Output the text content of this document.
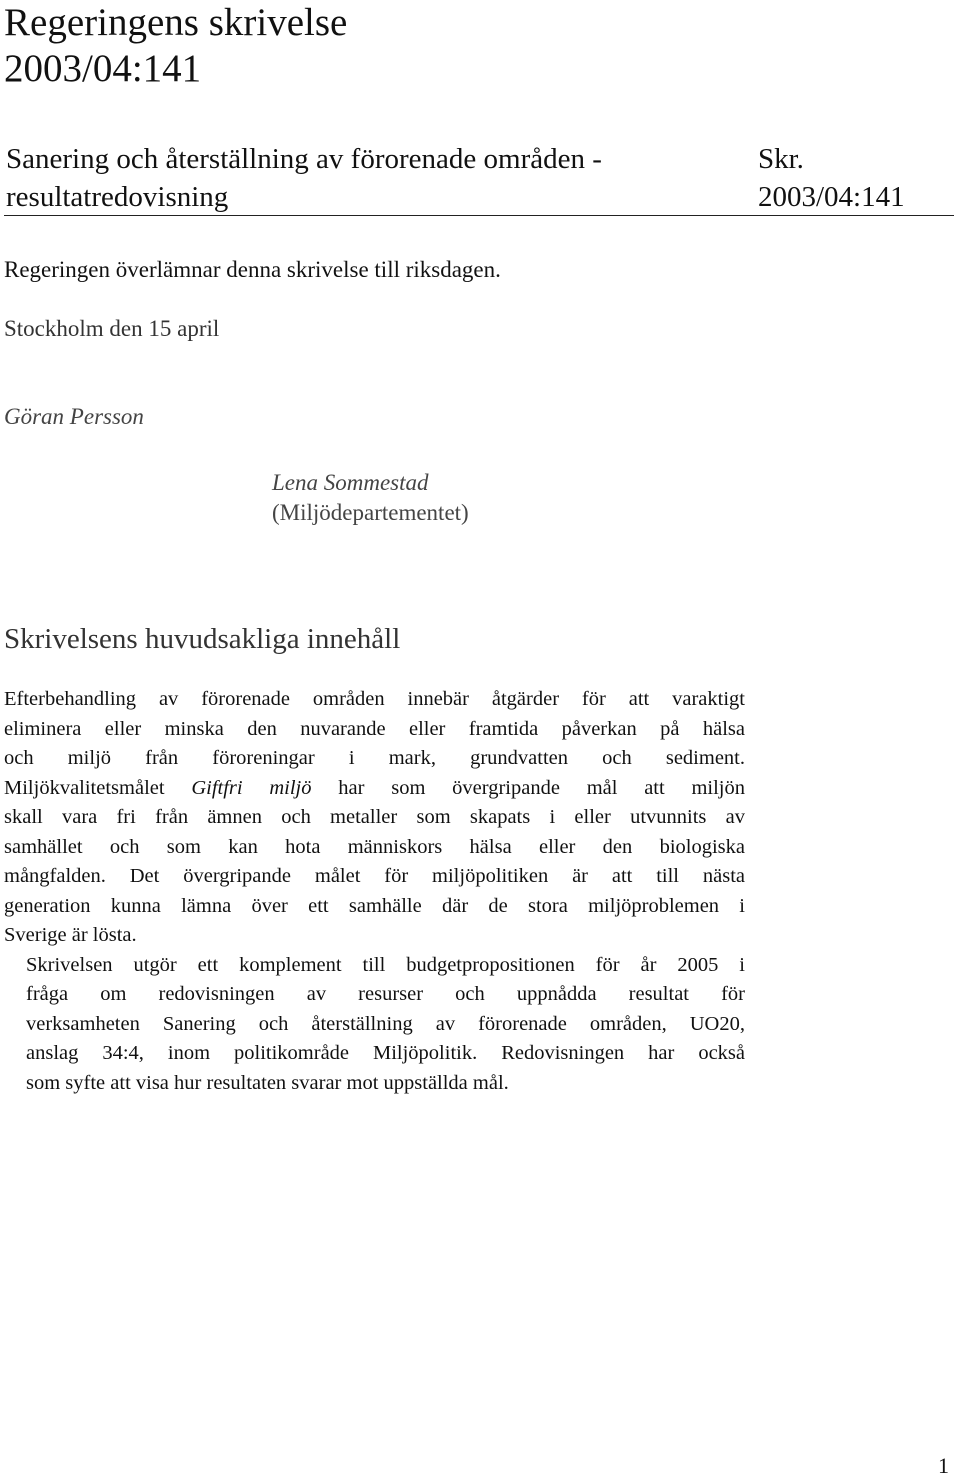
Regeringens skrivelse
2003/04:141
Sanering och återställning av förorenade områden -
resultatredovisning
Skr.
2003/04:141
Regeringen överlämnar denna skrivelse till riksdagen.
Stockholm den 15 april
Göran Persson
Lena Sommestad
(Miljödepartementet)
Skrivelsens huvudsakliga innehåll

Efterbehandling av förorenade områden innebär åtgärder för att varaktigt
eliminera eller minska den nuvarande eller framtida påverkan på hälsa
och miljö från föroreningar i mark, grundvatten och sediment.
Miljökvalitetsmålet Giftfri miljö har som övergripande mål att miljön
skall vara fri från ämnen och metaller som skapats i eller utvunnits av
samhället och som kan hota människors hälsa eller den biologiska
mångfalden. Det övergripande målet för miljöpolitiken är att till nästa
generation kunna lämna över ett samhälle där de stora miljöproblemen i
Sverige är lösta.

Skrivelsen utgör ett komplement till budgetpropositionen för år 2005 i
fråga om redovisningen av resurser och uppnådda resultat för
verksamheten Sanering och återställning av förorenade områden, UO20,
anslag 34:4, inom politikområde Miljöpolitik. Redovisningen har också
som syfte att visa hur resultaten svarar mot uppställda mål.

1
